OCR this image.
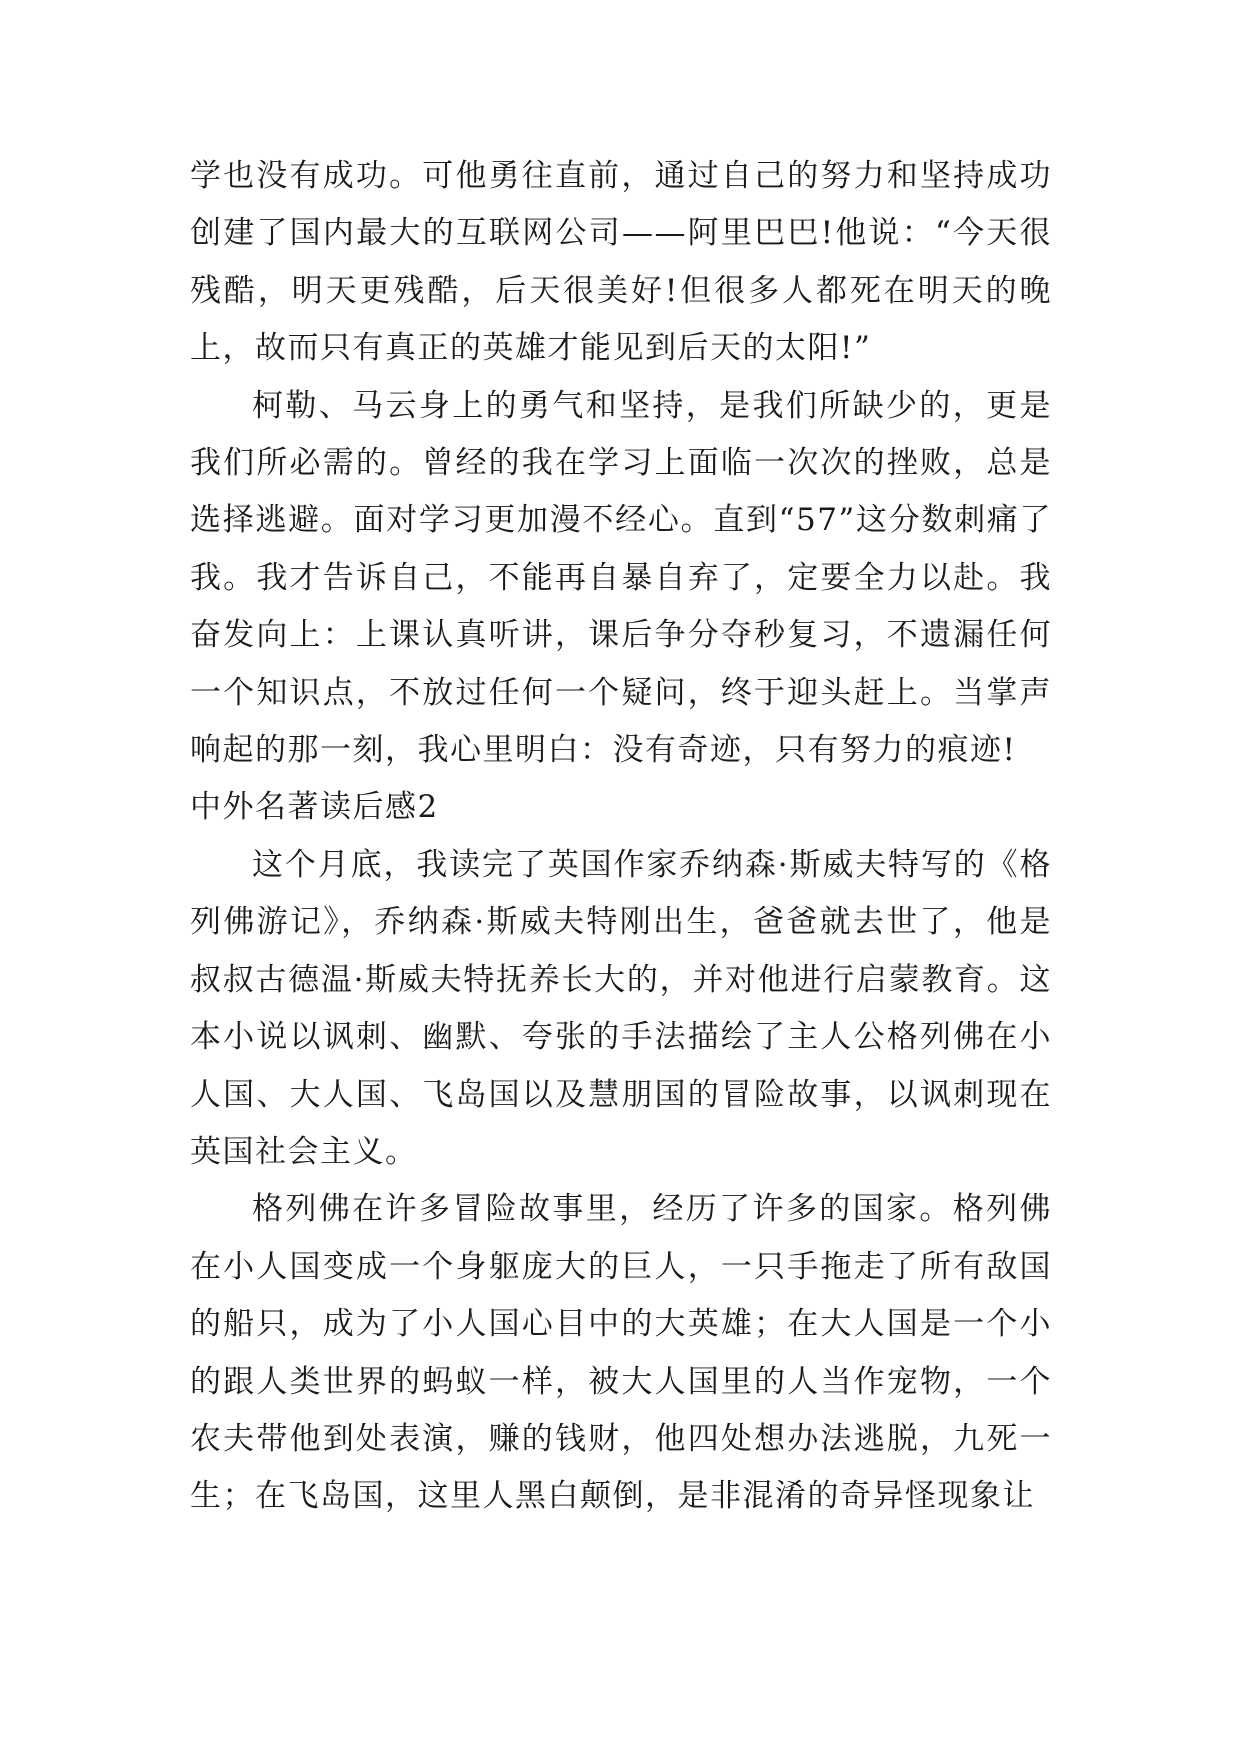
学也没有成功。可他勇往直前，通过自己的努力和坚持成功创建了国内最大的互联网公司——阿里巴巴!他说：“今天很残酷，明天更残酷，后天很美好!但很多人都死在明天的晚上，故而只有真正的英雄才能见到后天的太阳!”

柯勒、马云身上的勇气和坚持，是我们所缺少的，更是我们所必需的。曾经的我在学习上面临一次次的挫败，总是选择逃避。面对学习更加漫不经心。直到“57”这分数刺痛了我。我才告诉自己，不能再自暴自弃了，定要全力以赴。我奋发向上：上课认真听讲，课后争分夺秒复习，不遗漏任何一个知识点，不放过任何一个疑问，终于迎头赶上。当掌声响起的那一刻，我心里明白：没有奇迹，只有努力的痕迹!

中外名著读后感2

这个月底，我读完了英国作家乔纳森·斯威夫特写的《格列佛游记》，乔纳森·斯威夫特刚出生，爸爸就去世了，他是叔叔古德温·斯威夫特抚养长大的，并对他进行启蒙教育。这本小说以讽刺、幽默、夸张的手法描绘了主人公格列佛在小人国、大人国、飞岛国以及慧朋国的冒险故事，以讽刺现在英国社会主义。

格列佛在许多冒险故事里，经历了许多的国家。格列佛在小人国变成一个身躯庞大的巨人，一只手拖走了所有敌国的船只，成为了小人国心目中的大英雄；在大人国是一个小的跟人类世界的蚂蚁一样，被大人国里的人当作宠物，一个农夫带他到处表演，赚的钱财，他四处想办法逃脱，九死一生；在飞岛国，这里人黑白颠倒，是非混淆的奇异怪现象让
